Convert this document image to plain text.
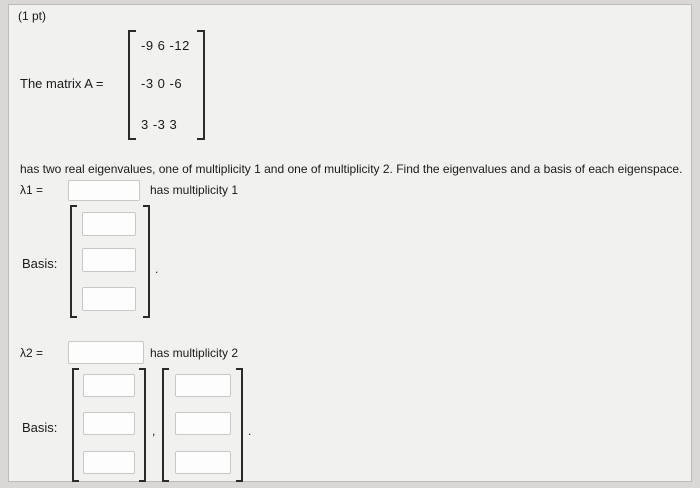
(1 pt)
The matrix A =
-9 6 -12
-3 0 -6
3 -3 3
has two real eigenvalues, one of multiplicity 1 and one of multiplicity 2. Find the eigenvalues and a basis of each eigenspace.
λ1 =	has multiplicity 1
Basis:	.
λ2 =	has multiplicity 2
Basis:	,	.
